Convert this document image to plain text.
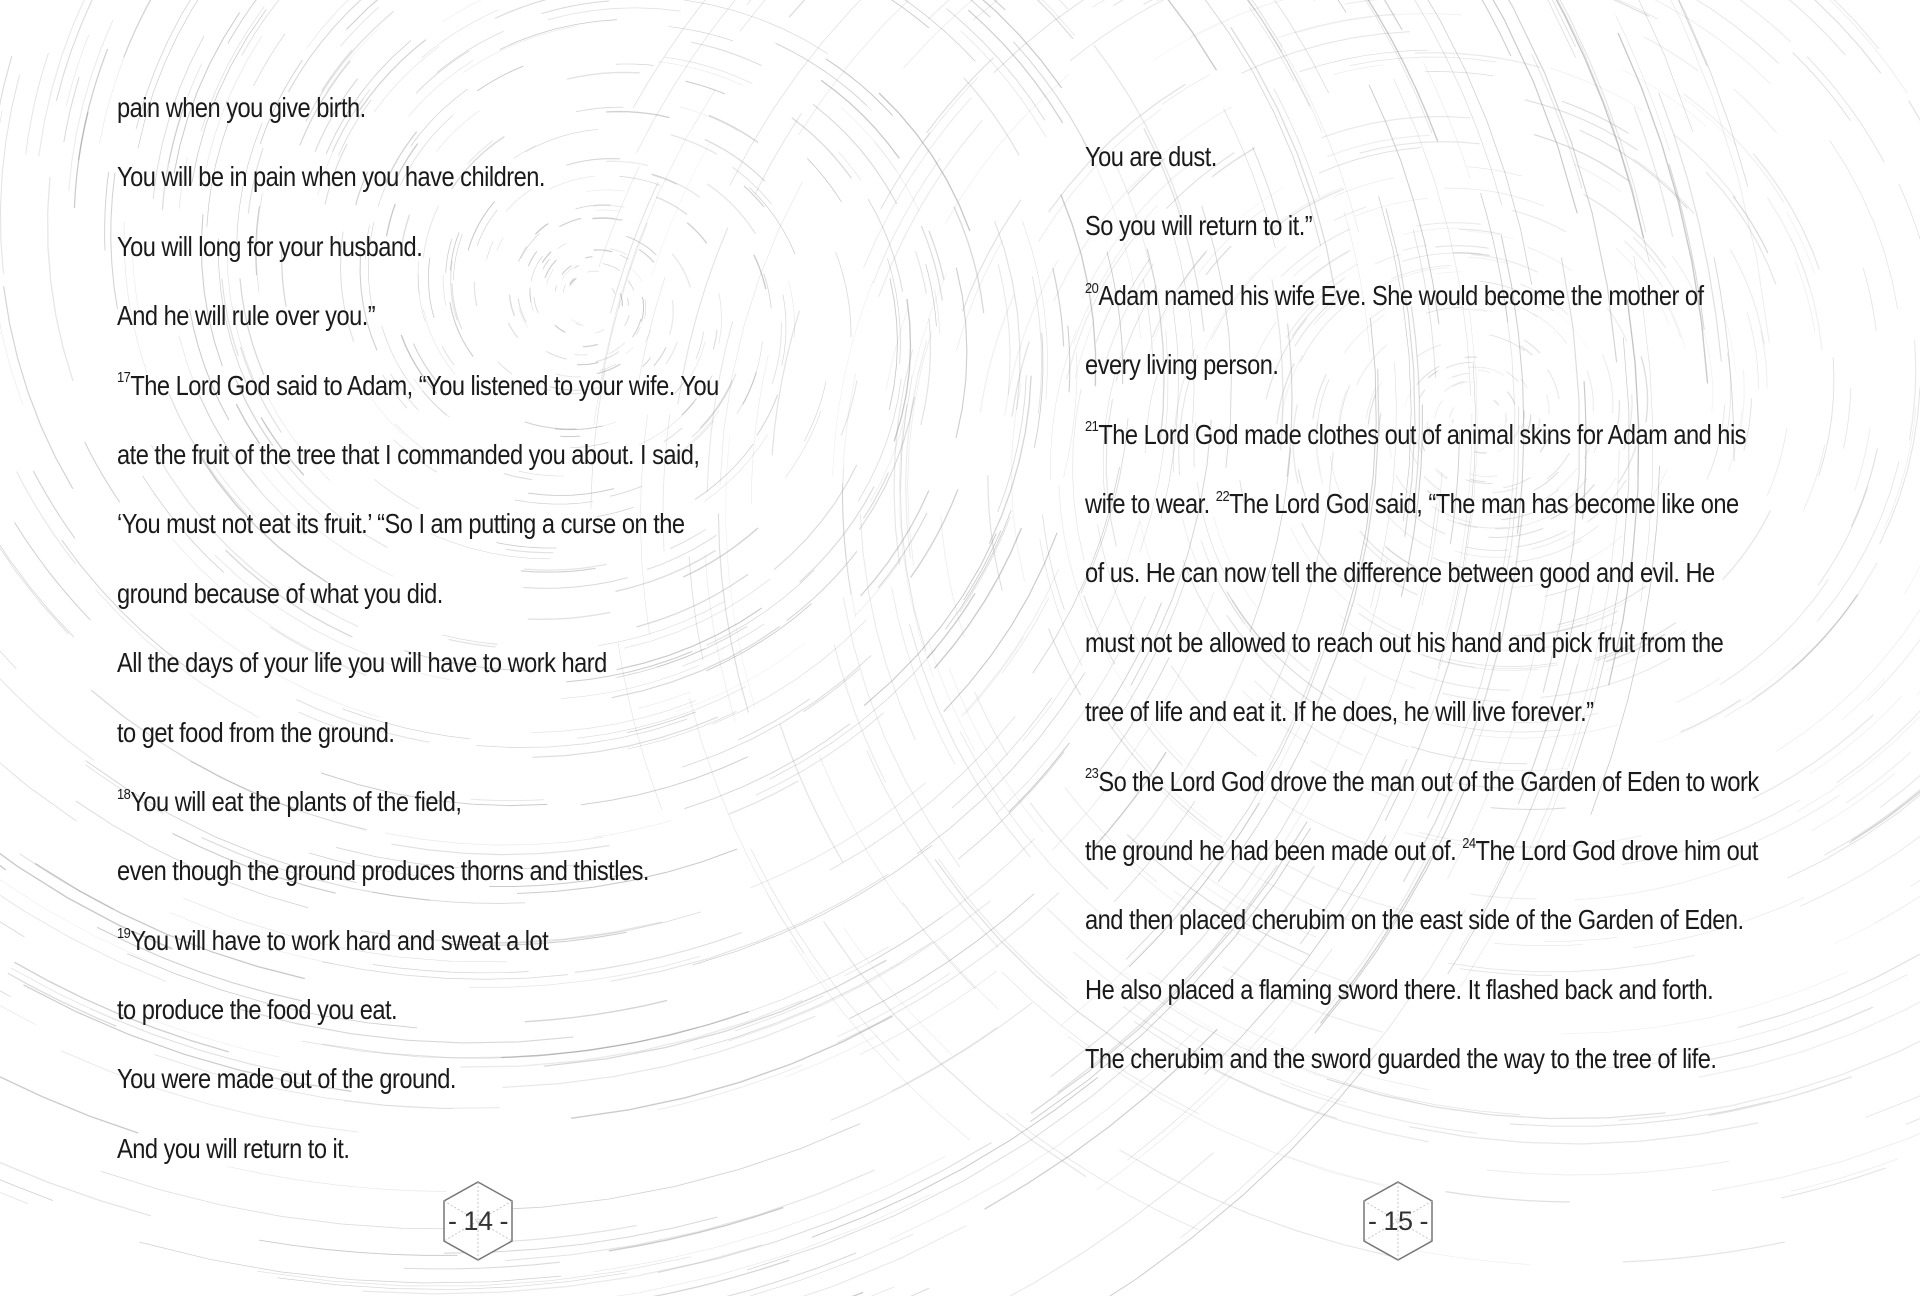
pain when you give birth.
You will be in pain when you have children.
You will long for your husband.
And he will rule over you.”
$^{17}$The Lord God said to Adam, “You listened to your wife. You
ate the fruit of the tree that I commanded you about. I said,
‘You must not eat its fruit.’ “So I am putting a curse on the
ground because of what you did.
All the days of your life you will have to work hard
to get food from the ground.
$^{18}$You will eat the plants of the field,
even though the ground produces thorns and thistles.
$^{19}$You will have to work hard and sweat a lot
to produce the food you eat.
You were made out of the ground.
And you will return to it.
- 14 -
You are dust.
So you will return to it.”
$^{20}$Adam named his wife Eve. She would become the mother of
every living person.
$^{21}$The Lord God made clothes out of animal skins for Adam and his
wife to wear. $^{22}$The Lord God said, “The man has become like one
of us. He can now tell the difference between good and evil. He
must not be allowed to reach out his hand and pick fruit from the
tree of life and eat it. If he does, he will live forever.”
$^{23}$So the Lord God drove the man out of the Garden of Eden to work
the ground he had been made out of. $^{24}$The Lord God drove him out
and then placed cherubim on the east side of the Garden of Eden.
He also placed a flaming sword there. It flashed back and forth.
The cherubim and the sword guarded the way to the tree of life.
- 15 -
